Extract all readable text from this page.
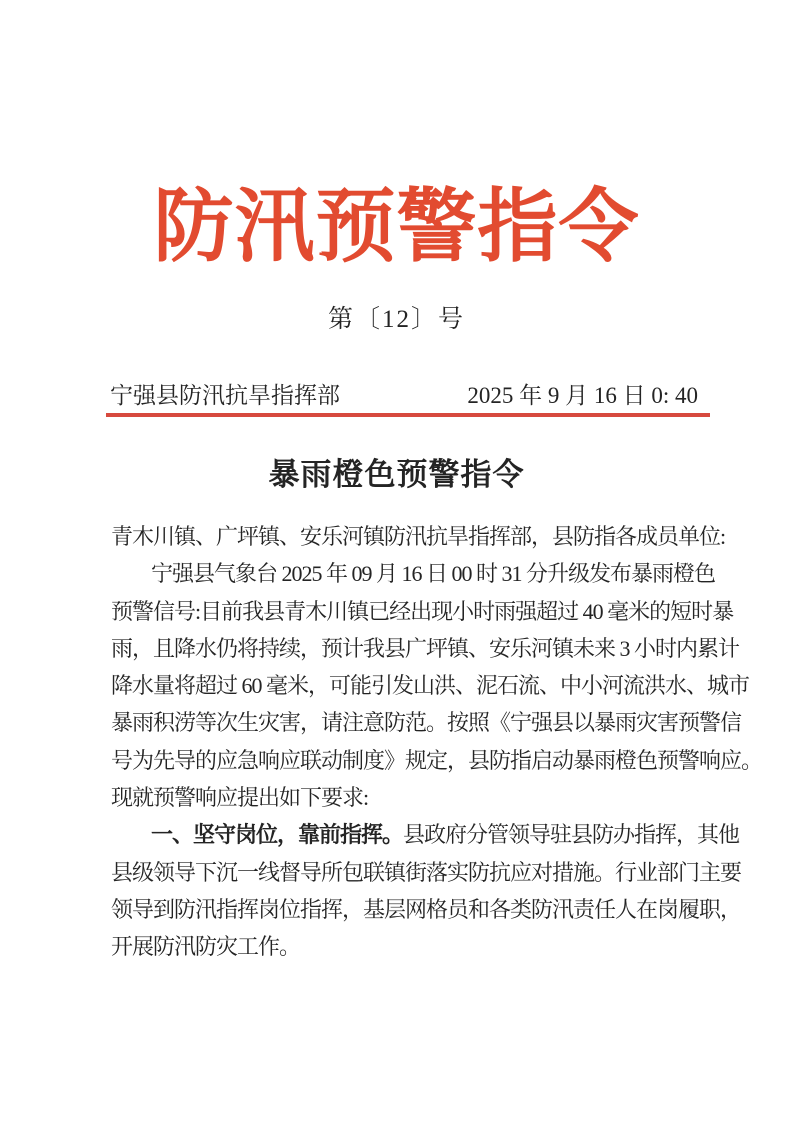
防汛预警指令
第〔12〕号
宁强县防汛抗旱指挥部	2025 年 9 月 16 日 0: 40
暴雨橙色预警指令
青木川镇、广坪镇、安乐河镇防汛抗旱指挥部，县防指各成员单位:
宁强县气象台 2025 年 09 月 16 日 00 时 31 分升级发布暴雨橙色
预警信号:目前我县青木川镇已经出现小时雨强超过 40 毫米的短时暴
雨，且降水仍将持续，预计我县广坪镇、安乐河镇未来 3 小时内累计
降水量将超过 60 毫米，可能引发山洪、泥石流、中小河流洪水、城市
暴雨积涝等次生灾害，请注意防范。按照《宁强县以暴雨灾害预警信
号为先导的应急响应联动制度》规定，县防指启动暴雨橙色预警响应。
现就预警响应提出如下要求:
一、坚守岗位，靠前指挥。县政府分管领导驻县防办指挥，其他
县级领导下沉一线督导所包联镇街落实防抗应对措施。行业部门主要
领导到防汛指挥岗位指挥，基层网格员和各类防汛责任人在岗履职，
开展防汛防灾工作。
